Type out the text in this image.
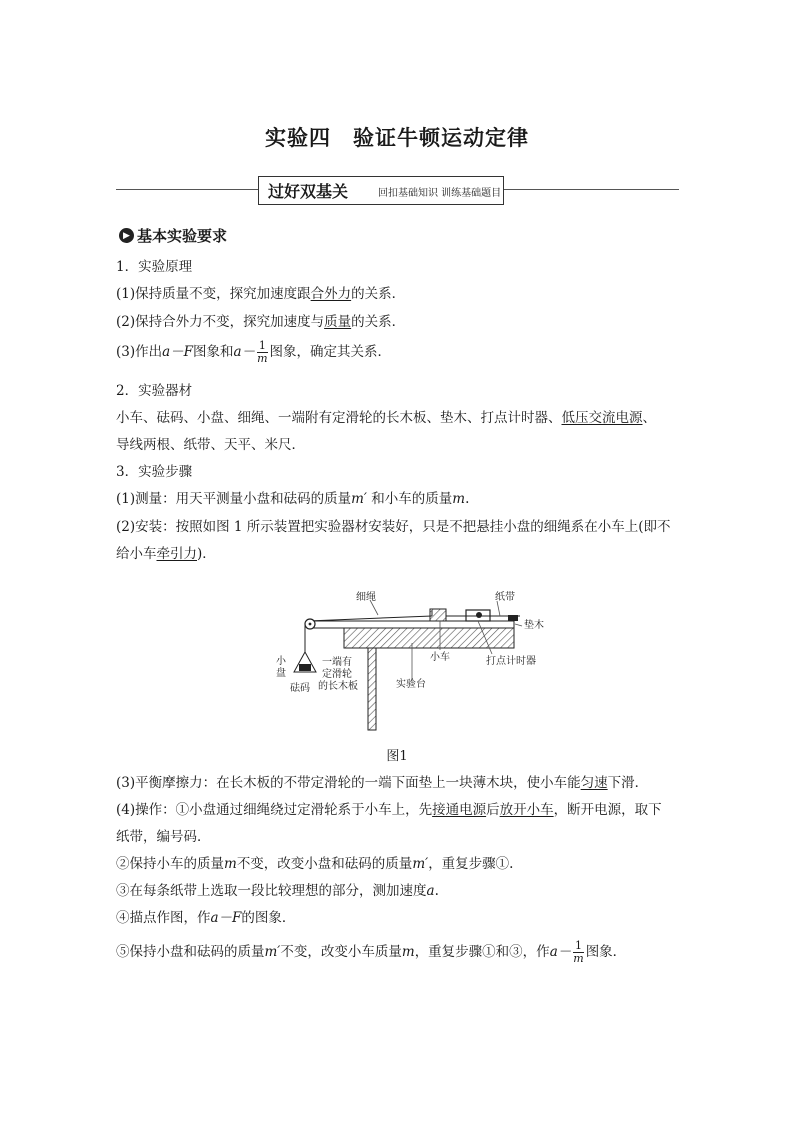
实验四　验证牛顿运动定律
过好双基关	回扣基础知识 训练基础题目
▶ 基本实验要求
1．实验原理
(1)保持质量不变，探究加速度跟合外力的关系．
(2)保持合外力不变，探究加速度与质量的关系．
(3)作出a－F图象和$a- \frac{1}{m}$ 图象，确定其关系．
2．实验器材
小车、砝码、小盘、细绳、一端附有定滑轮的长木板、垫木、打点计时器、低压交流电源、
导线两根、纸带、天平、米尺．
3．实验步骤
(1)测量：用天平测量小盘和砝码的质量m′ 和小车的质量m.
(2)安装：按照如图 1 所示装置把实验器材安装好，只是不把悬挂小盘的细绳系在小车上(即不
给小车牵引力)．
细绳	纸带
垫木
小车	打点计时器
小
盘
砝码
一端有
定滑轮
的长木板	实验台
图1
(3)平衡摩擦力：在长木板的不带定滑轮的一端下面垫上一块薄木块，使小车能匀速下滑．
(4)操作：①小盘通过细绳绕过定滑轮系于小车上，先接通电源后放开小车，断开电源，取下
纸带，编号码．
②保持小车的质量m不变，改变小盘和砝码的质量m′，重复步骤①.
③在每条纸带上选取一段比较理想的部分，测加速度a.
④描点作图，作a－F的图象．
⑤保持小盘和砝码的质量m′不变，改变小车质量m，重复步骤①和③，作$a- \frac{1}{m}$ 图象．
